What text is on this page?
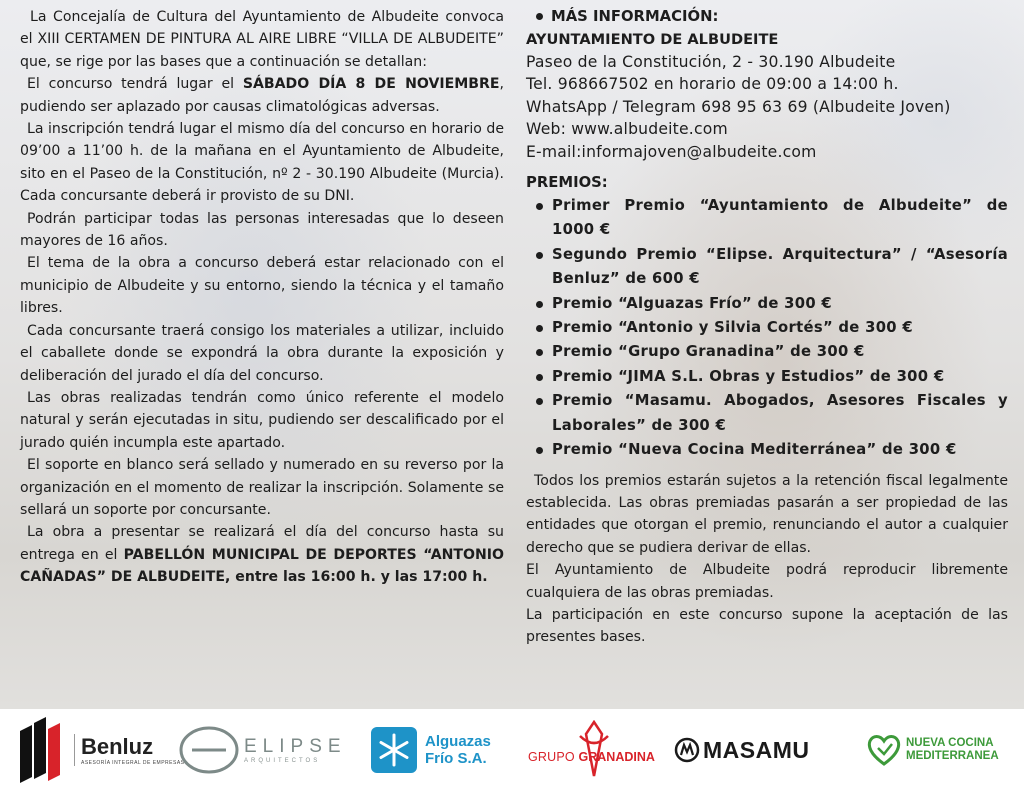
La Concejalía de Cultura del Ayuntamiento de Albudeite convoca el XIII CERTAMEN DE PINTURA AL AIRE LIBRE “VILLA DE ALBUDEITE” que, se rige por las bases que a continuación se detallan:

El concurso tendrá lugar el SÁBADO DÍA 8 DE NOVIEMBRE, pudiendo ser aplazado por causas climatológicas adversas.

La inscripción tendrá lugar el mismo día del concurso en horario de 09’00 a 11’00 h. de la mañana en el Ayuntamiento de Albudeite, sito en el Paseo de la Constitución, nº 2 - 30.190 Albudeite (Murcia). Cada concursante deberá ir provisto de su DNI.

Podrán participar todas las personas interesadas que lo deseen mayores de 16 años.

El tema de la obra a concurso deberá estar relacionado con el municipio de Albudeite y su entorno, siendo la técnica y el tamaño libres.

Cada concursante traerá consigo los materiales a utilizar, incluido el caballete donde se expondrá la obra durante la exposición y deliberación del jurado el día del concurso.

Las obras realizadas tendrán como único referente el modelo natural y serán ejecutadas in situ, pudiendo ser descalificado por el jurado quién incumpla este apartado.

El soporte en blanco será sellado y numerado en su reverso por la organización en el momento de realizar la inscripción. Solamente se sellará un soporte por concursante.

La obra a presentar se realizará el día del concurso hasta su entrega en el PABELLÓN MUNICIPAL DE DEPORTES “ANTONIO CAÑADAS” DE ALBUDEITE, entre las 16:00 h. y las 17:00 h.

MÁS INFORMACIÓN:
AYUNTAMIENTO DE ALBUDEITE
Paseo de la Constitución, 2 - 30.190 Albudeite
Tel. 968667502 en horario de 09:00 a 14:00 h.
WhatsApp / Telegram 698 95 63 69 (Albudeite Joven)
Web: www.albudeite.com
E-mail:informajoven@albudeite.com
PREMIOS:
Primer Premio “Ayuntamiento de Albudeite” de 1000 €
Segundo Premio “Elipse. Arquitectura” / “Asesoría Benluz” de 600 €
Premio “Alguazas Frío” de 300 €
Premio “Antonio y Silvia Cortés” de 300 €
Premio “Grupo Granadina” de 300 €
Premio “JIMA S.L. Obras y Estudios” de 300 €
Premio “Masamu. Abogados, Asesores Fiscales y Laborales” de 300 €
Premio “Nueva Cocina Mediterránea” de 300 €

Todos los premios estarán sujetos a la retención fiscal legalmente establecida. Las obras premiadas pasarán a ser propiedad de las entidades que otorgan el premio, renunciando el autor a cualquier derecho que se pudiera derivar de ellas.

El Ayuntamiento de Albudeite podrá reproducir libremente cualquiera de las obras premiadas.

La participación en este concurso supone la aceptación de las presentes bases.

Benluz
ASESORÍA INTEGRAL DE EMPRESAS
ELIPSE
ARQUITECTOS
Alguazas
Frío S.A.	GRUPO GRANADINA MASAMU	NUEVA COCINA
MEDITERRANEA
